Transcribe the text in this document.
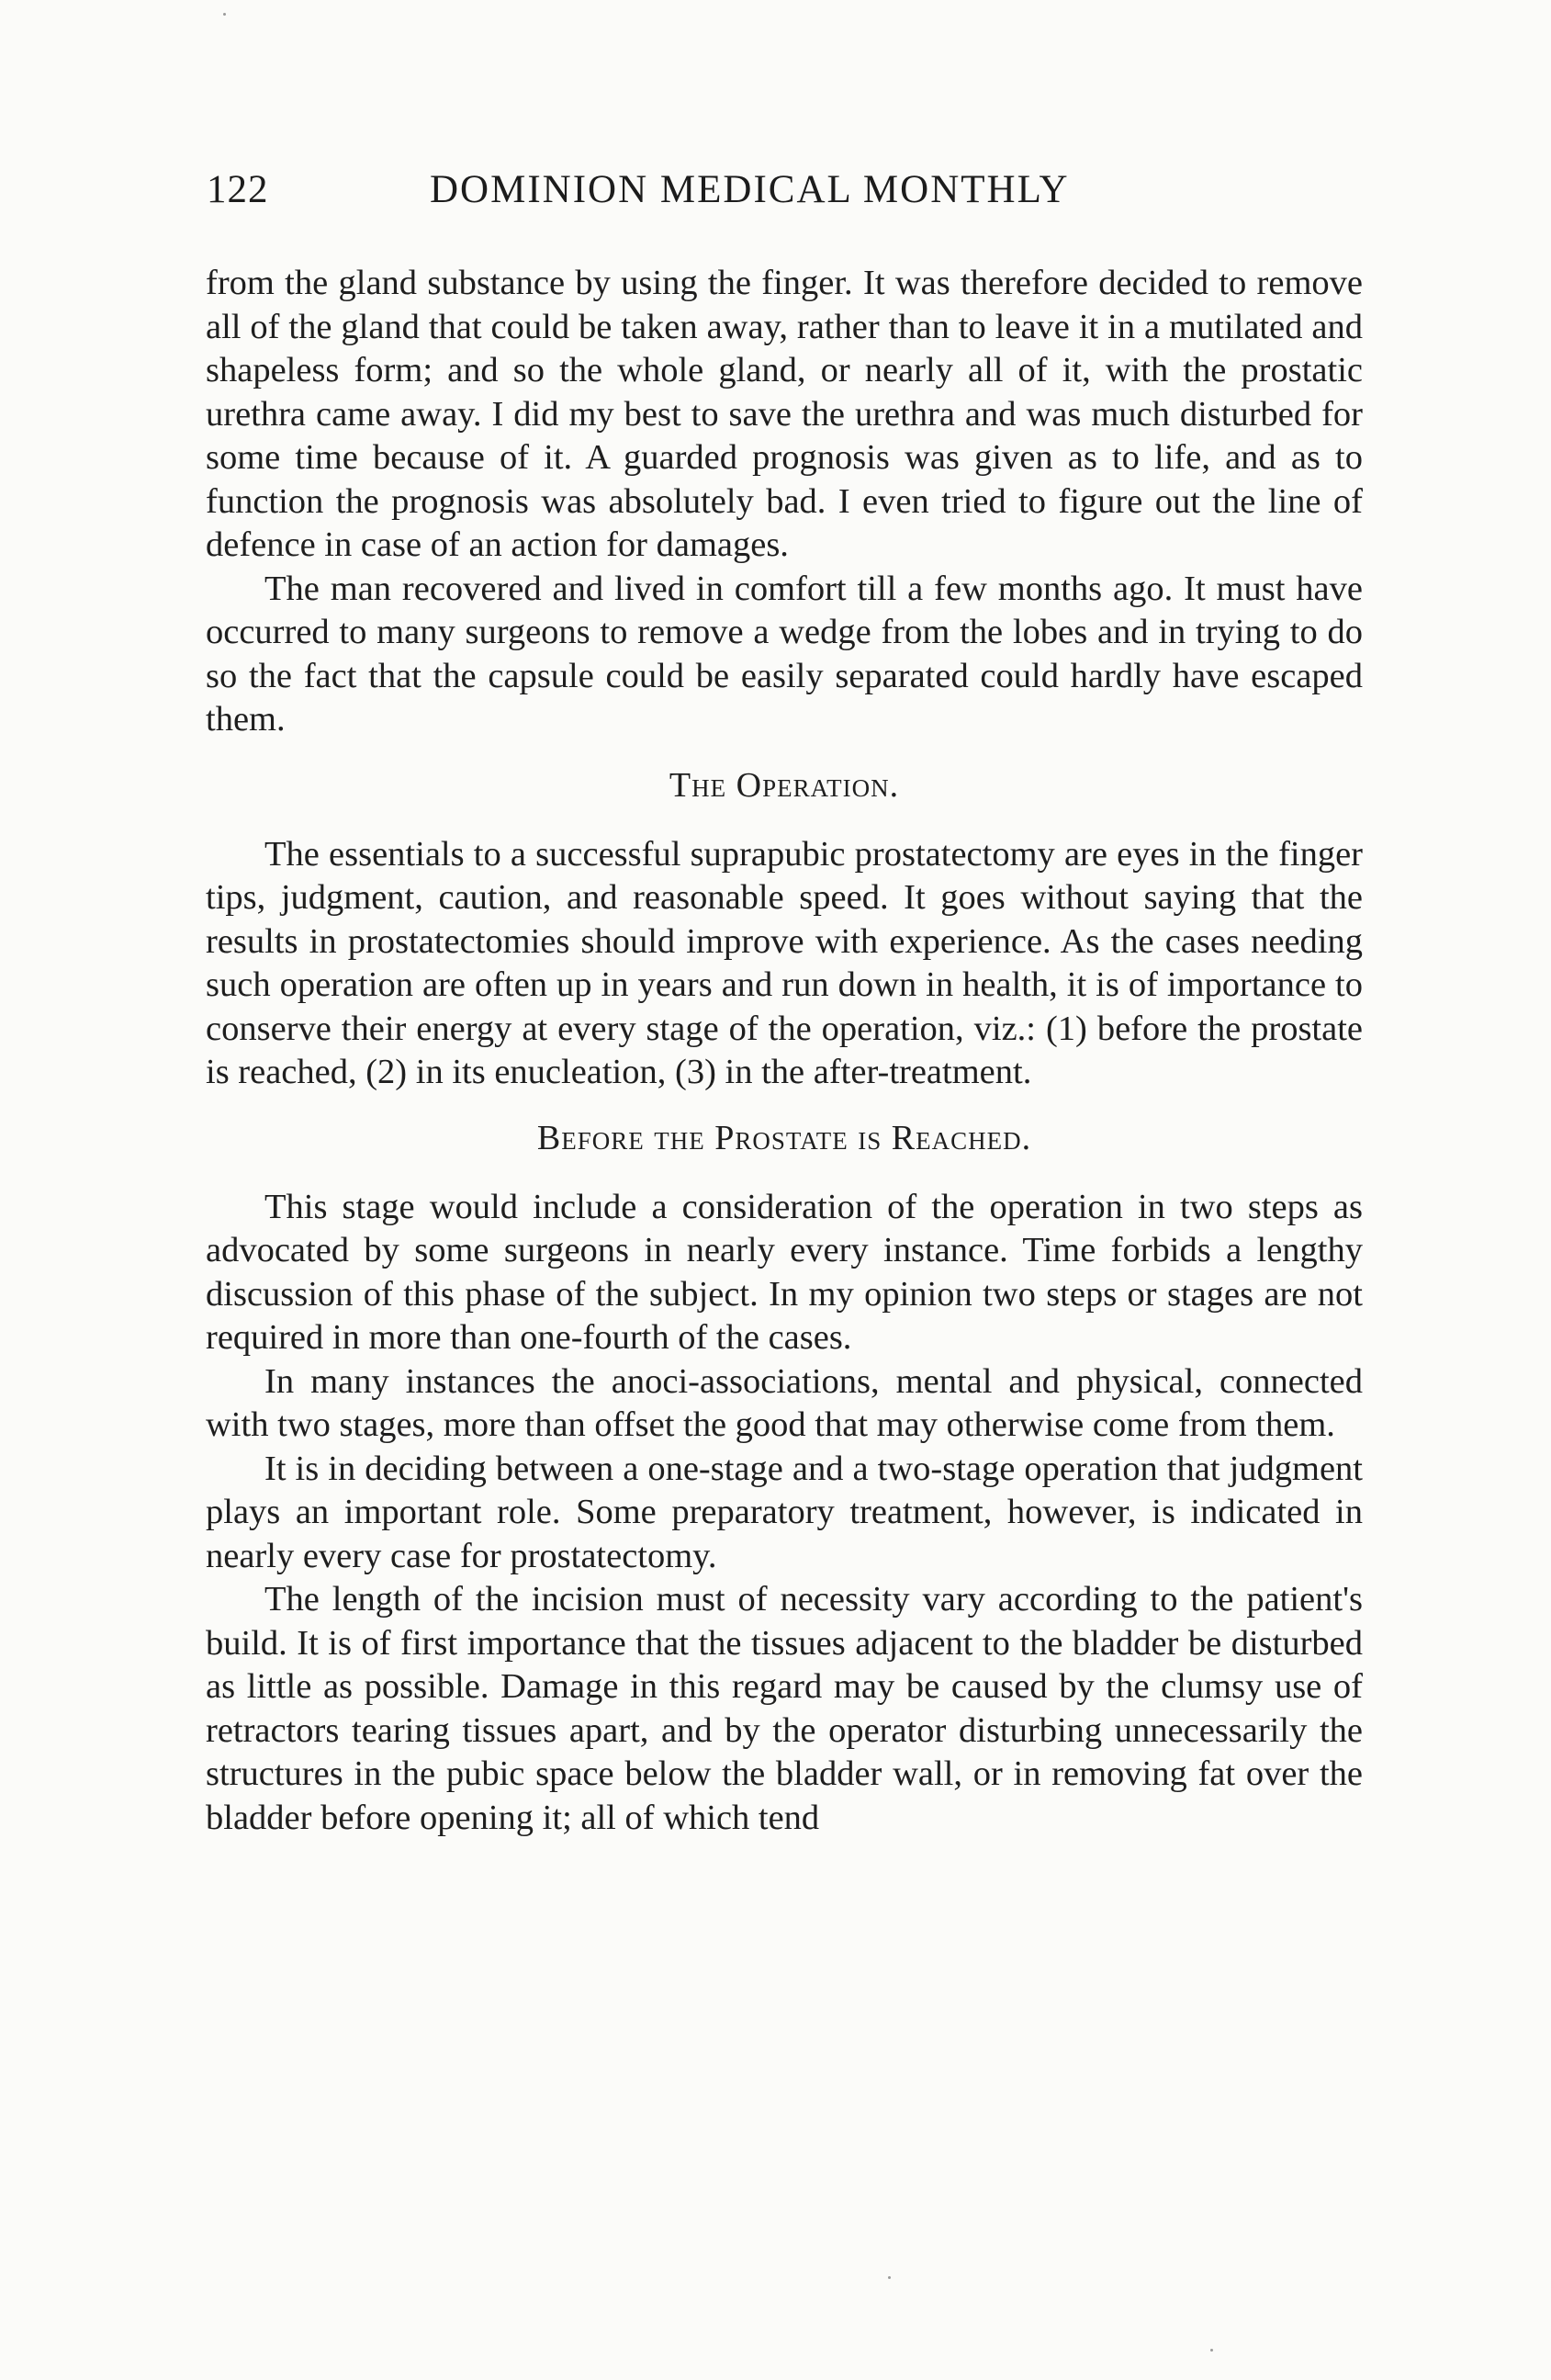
122	DOMINION MEDICAL MONTHLY

from the gland substance by using the finger. It was therefore decided to remove all of the gland that could be taken away, rather than to leave it in a mutilated and shapeless form; and so the whole gland, or nearly all of it, with the prostatic urethra came away. I did my best to save the urethra and was much disturbed for some time because of it. A guarded prognosis was given as to life, and as to function the prognosis was absolutely bad. I even tried to figure out the line of defence in case of an action for damages.

The man recovered and lived in comfort till a few months ago. It must have occurred to many surgeons to remove a wedge from the lobes and in trying to do so the fact that the capsule could be easily separated could hardly have escaped them.

The Operation.

The essentials to a successful suprapubic prostatectomy are eyes in the finger tips, judgment, caution, and reasonable speed. It goes without saying that the results in prostatectomies should improve with experience. As the cases needing such operation are often up in years and run down in health, it is of importance to conserve their energy at every stage of the operation, viz.: (1) before the prostate is reached, (2) in its enucleation, (3) in the after-treatment.

Before the Prostate is Reached.

This stage would include a consideration of the operation in two steps as advocated by some surgeons in nearly every instance. Time forbids a lengthy discussion of this phase of the subject. In my opinion two steps or stages are not required in more than one-fourth of the cases.

In many instances the anoci-associations, mental and physical, connected with two stages, more than offset the good that may otherwise come from them.

It is in deciding between a one-stage and a two-stage operation that judgment plays an important role. Some preparatory treatment, however, is indicated in nearly every case for prostatectomy.

The length of the incision must of necessity vary according to the patient's build. It is of first importance that the tissues adjacent to the bladder be disturbed as little as possible. Damage in this regard may be caused by the clumsy use of retractors tearing tissues apart, and by the operator disturbing unnecessarily the structures in the pubic space below the bladder wall, or in removing fat over the bladder before opening it; all of which tend
